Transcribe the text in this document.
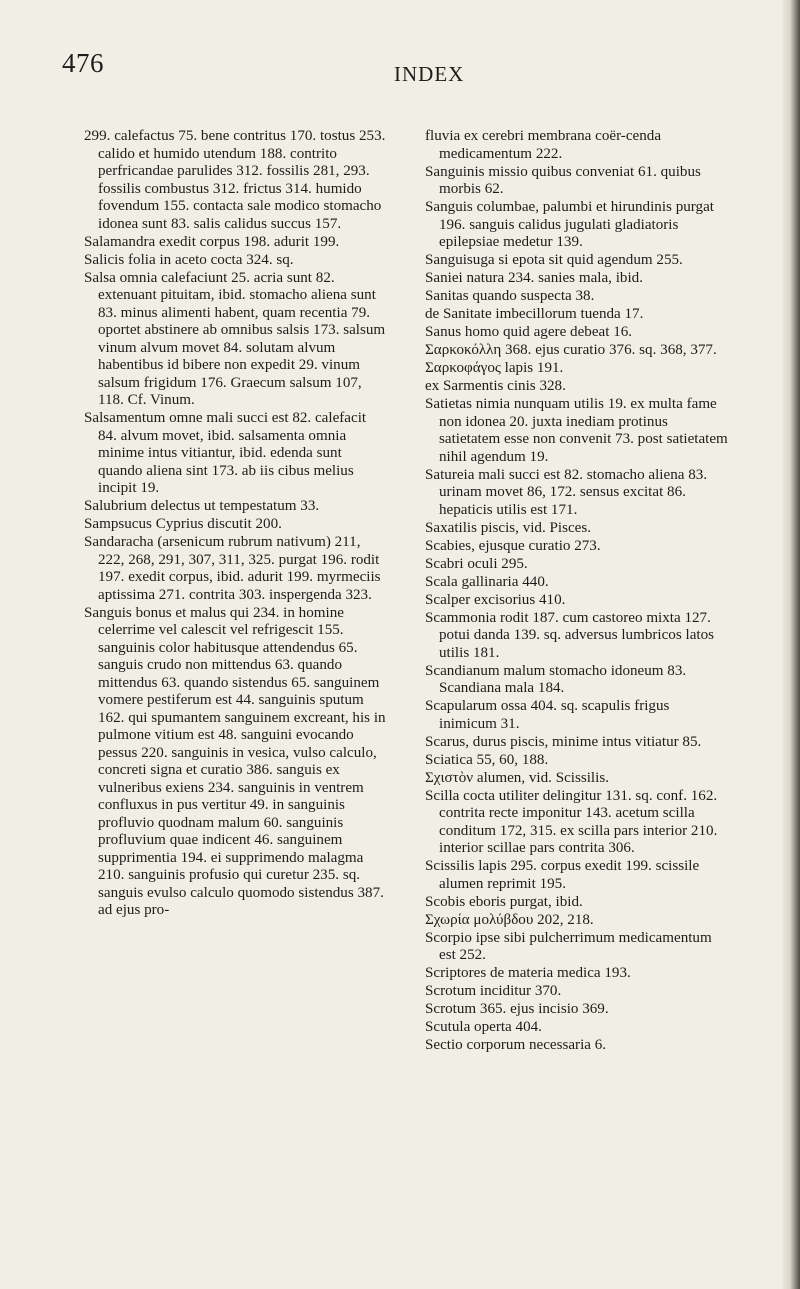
476	INDEX

299. calefactus 75. bene contritus 170. tostus 253. calido et humido utendum 188. contrito perfricandae parulides 312. fossilis 281, 293. fossilis combustus 312. frictus 314. humido fovendum 155. contacta sale modico stomacho idonea sunt 83. salis calidus succus 157.

Salamandra exedit corpus 198. adurit 199.

Salicis folia in aceto cocta 324. sq.

Salsa omnia calefaciunt 25. acria sunt 82. extenuant pituitam, ibid. stomacho aliena sunt 83. minus alimenti habent, quam recentia 79. oportet abstinere ab omnibus salsis 173. salsum vinum alvum movet 84. solutam alvum habentibus id bibere non expedit 29. vinum salsum frigidum 176. Graecum salsum 107, 118. Cf. Vinum.

Salsamentum omne mali succi est 82. calefacit 84. alvum movet, ibid. salsamenta omnia minime intus vitiantur, ibid. edenda sunt quando aliena sint 173. ab iis cibus melius incipit 19.

Salubrium delectus ut tempestatum 33.

Sampsucus Cyprius discutit 200.

Sandaracha (arsenicum rubrum nativum) 211, 222, 268, 291, 307, 311, 325. purgat 196. rodit 197. exedit corpus, ibid. adurit 199. myrmeciis aptissima 271. contrita 303. inspergenda 323.

Sanguis bonus et malus qui 234. in homine celerrime vel calescit vel refrigescit 155. sanguinis color habitusque attendendus 65. sanguis crudo non mittendus 63. quando mittendus 63. quando sistendus 65. sanguinem vomere pestiferum est 44. sanguinis sputum 162. qui spumantem sanguinem excreant, his in pulmone vitium est 48. sanguini evocando pessus 220. sanguinis in vesica, vulso calculo, concreti signa et curatio 386. sanguis ex vulneribus exiens 234. sanguinis in ventrem confluxus in pus vertitur 49. in sanguinis profluvio quodnam malum 60. sanguinis profluvium quae indicent 46. sanguinem supprimentia 194. ei supprimendo malagma 210. sanguinis profusio qui curetur 235. sq. sanguis evulso calculo quomodo sistendus 387. ad ejus pro-

fluvia ex cerebri membrana coër-cenda medicamentum 222.

Sanguinis missio quibus conveniat 61. quibus morbis 62.

Sanguis columbae, palumbi et hirundinis purgat 196. sanguis calidus jugulati gladiatoris epilepsiae medetur 139.

Sanguisuga si epota sit quid agendum 255.

Saniei natura 234. sanies mala, ibid.

Sanitas quando suspecta 38.

de Sanitate imbecillorum tuenda 17.

Sanus homo quid agere debeat 16.

Σαρκοκόλλη 368. ejus curatio 376. sq. 368, 377.

Σαρκοφάγος lapis 191.

ex Sarmentis cinis 328.

Satietas nimia nunquam utilis 19. ex multa fame non idonea 20. juxta inediam protinus satietatem esse non convenit 73. post satietatem nihil agendum 19.

Satureia mali succi est 82. stomacho aliena 83. urinam movet 86, 172. sensus excitat 86. hepaticis utilis est 171.

Saxatilis piscis, vid. Pisces.

Scabies, ejusque curatio 273.

Scabri oculi 295.

Scala gallinaria 440.

Scalper excisorius 410.

Scammonia rodit 187. cum castoreo mixta 127. potui danda 139. sq. adversus lumbricos latos utilis 181.

Scandianum malum stomacho idoneum 83. Scandiana mala 184.

Scapularum ossa 404. sq. scapulis frigus inimicum 31.

Scarus, durus piscis, minime intus vitiatur 85.

Sciatica 55, 60, 188.

Σχιστὸν alumen, vid. Scissilis.

Scilla cocta utiliter delingitur 131. sq. conf. 162. contrita recte imponitur 143. acetum scilla conditum 172, 315. ex scilla pars interior 210. interior scillae pars contrita 306.

Scissilis lapis 295. corpus exedit 199. scissile alumen reprimit 195.

Scobis eboris purgat, ibid.

Σχωρία μολύβδου 202, 218.

Scorpio ipse sibi pulcherrimum medicamentum est 252.

Scriptores de materia medica 193.

Scrotum inciditur 370.

Scrotum 365. ejus incisio 369.

Scutula operta 404.

Sectio corporum necessaria 6.
